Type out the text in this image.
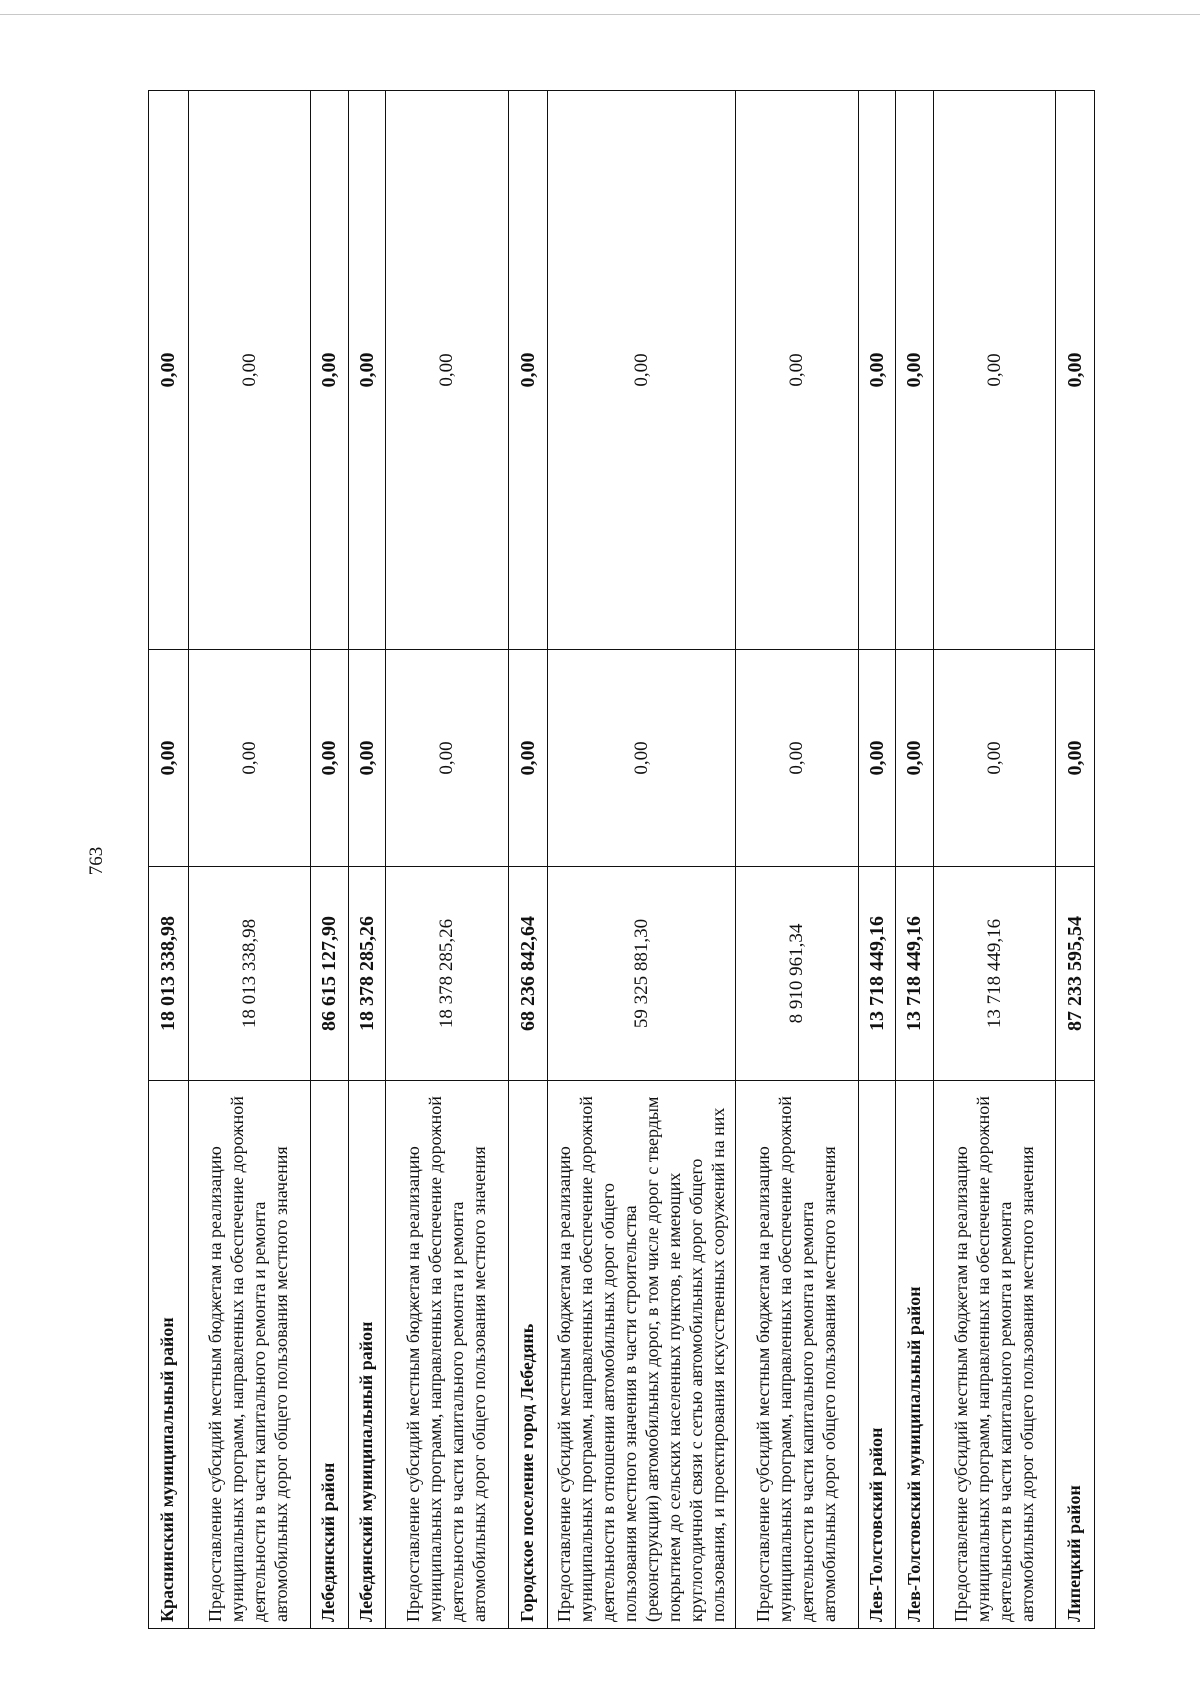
763
Краснинский муниципальный район	18 013 338,98	0,00	0,00
Предоставление субсидий местным бюджетам на реализацию муниципальных программ, направленных на обеспечение дорожной деятельности в части капитального ремонта и ремонта автомобильных дорог общего пользования местного значения	18 013 338,98	0,00	0,00
Лебедянский район	86 615 127,90	0,00	0,00
Лебедянский муниципальный район	18 378 285,26	0,00	0,00
Предоставление субсидий местным бюджетам на реализацию муниципальных программ, направленных на обеспечение дорожной деятельности в части капитального ремонта и ремонта автомобильных дорог общего пользования местного значения	18 378 285,26	0,00	0,00
Городское поселение город Лебедянь	68 236 842,64	0,00	0,00
Предоставление субсидий местным бюджетам на реализацию муниципальных программ, направленных на обеспечение дорожной деятельности в отношении автомобильных дорог общего пользования местного значения в части строительства (реконструкции) автомобильных дорог, в том числе дорог с твердым покрытием до сельских населенных пунктов, не имеющих круглогодичной связи с сетью автомобильных дорог общего пользования, и проектирования искусственных сооружений на них	59 325 881,30	0,00	0,00
Предоставление субсидий местным бюджетам на реализацию муниципальных программ, направленных на обеспечение дорожной деятельности в части капитального ремонта и ремонта автомобильных дорог общего пользования местного значения	8 910 961,34	0,00	0,00
Лев-Толстовский район	13 718 449,16	0,00	0,00
Лев-Толстовский муниципальный район	13 718 449,16	0,00	0,00
Предоставление субсидий местным бюджетам на реализацию муниципальных программ, направленных на обеспечение дорожной деятельности в части капитального ремонта и ремонта автомобильных дорог общего пользования местного значения	13 718 449,16	0,00	0,00
Липецкий район	87 233 595,54	0,00	0,00
